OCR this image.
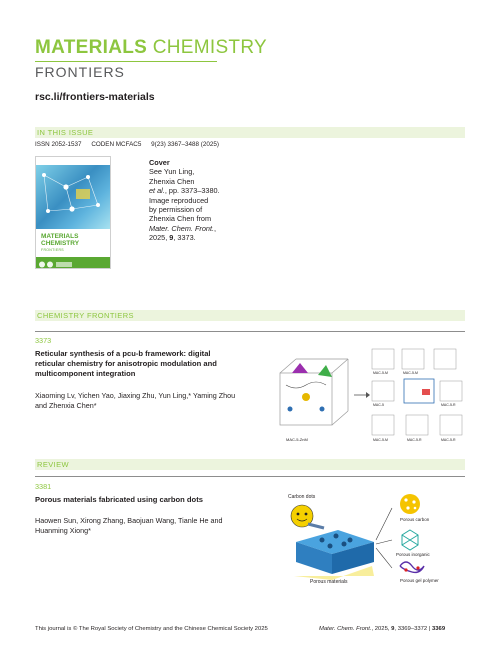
MATERIALS CHEMISTRY
FRONTIERS
rsc.li/frontiers-materials
IN THIS ISSUE
ISSN 2052-1537 CODEN MCFAC5 9(23) 3367–3488 (2025)
MATERIALS
CHEMISTRY
FRONTIERS
Cover
See Yun Ling,
Zhenxia Chen
et al., pp. 3373–3380.
Image reproduced
by permission of
Zhenxia Chen from
Mater. Chem. Front.,
2025, 9, 3373.
CHEMISTRY FRONTIERS
3373
Reticular synthesis of a pcu-b framework: digital reticular chemistry for anisotropic modulation and multicomponent integration
Xiaoming Lv, Yichen Yao, Jiaxing Zhu, Yun Ling,* Yaming Zhou and Zhenxia Chen*
MAC-5-ZnM
MAC-5-M	MAC-5-M
MAC-5	MAC-5-R
MAC-5-M	MAC-5-R	MAC-5-R
REVIEW
3381
Porous materials fabricated using carbon dots
Haowen Sun, Xirong Zhang, Baojuan Wang, Tianle He and Huanming Xiong*
Carbon dots
Porous materials
Porous carbon
Porous inorganic
Porous gel polymer
This journal is © The Royal Society of Chemistry and the Chinese Chemical Society 2025	Mater. Chem. Front., 2025, 9, 3369–3372 | 3369
